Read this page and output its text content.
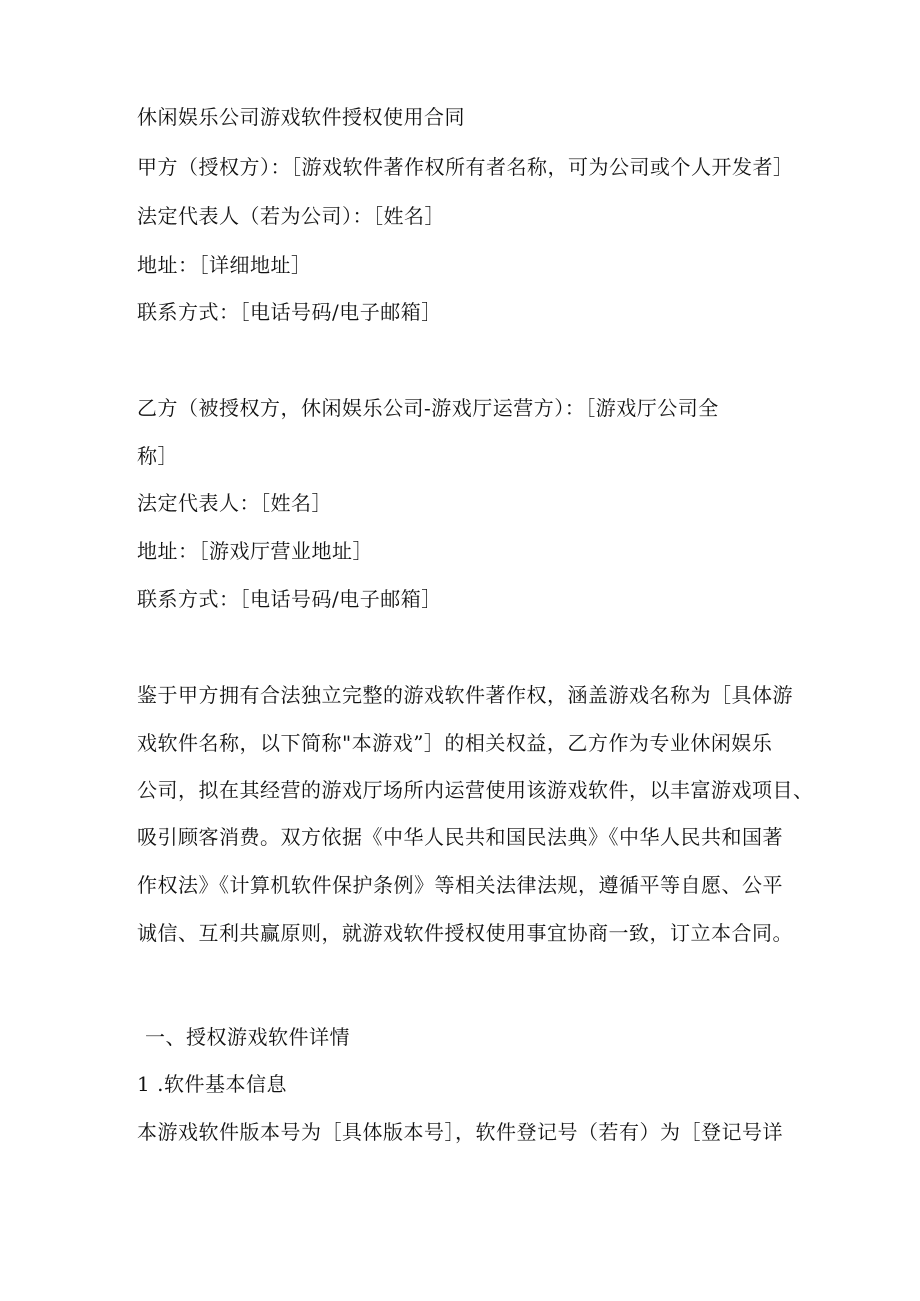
休闲娱乐公司游戏软件授权使用合同
甲方（授权方）：［游戏软件著作权所有者名称，可为公司或个人开发者］
法定代表人（若为公司）：［姓名］
地址：［详细地址］
联系方式：［电话号码/电子邮箱］
乙方（被授权方，休闲娱乐公司-游戏厅运营方）：［游戏厅公司全
称］
法定代表人：［姓名］
地址：［游戏厅营业地址］
联系方式：［电话号码/电子邮箱］
鉴于甲方拥有合法独立完整的游戏软件著作权，涵盖游戏名称为［具体游
戏软件名称，以下简称"本游戏”］的相关权益，乙方作为专业休闲娱乐
公司，拟在其经营的游戏厅场所内运营使用该游戏软件，以丰富游戏项目、
吸引顾客消费。双方依据《中华人民共和国民法典》《中华人民共和国著
作权法》《计算机软件保护条例》等相关法律法规，遵循平等自愿、公平
诚信、互利共赢原则，就游戏软件授权使用事宜协商一致，订立本合同。
一、授权游戏软件详情
1 .软件基本信息
本游戏软件版本号为［具体版本号］，软件登记号（若有）为［登记号详
